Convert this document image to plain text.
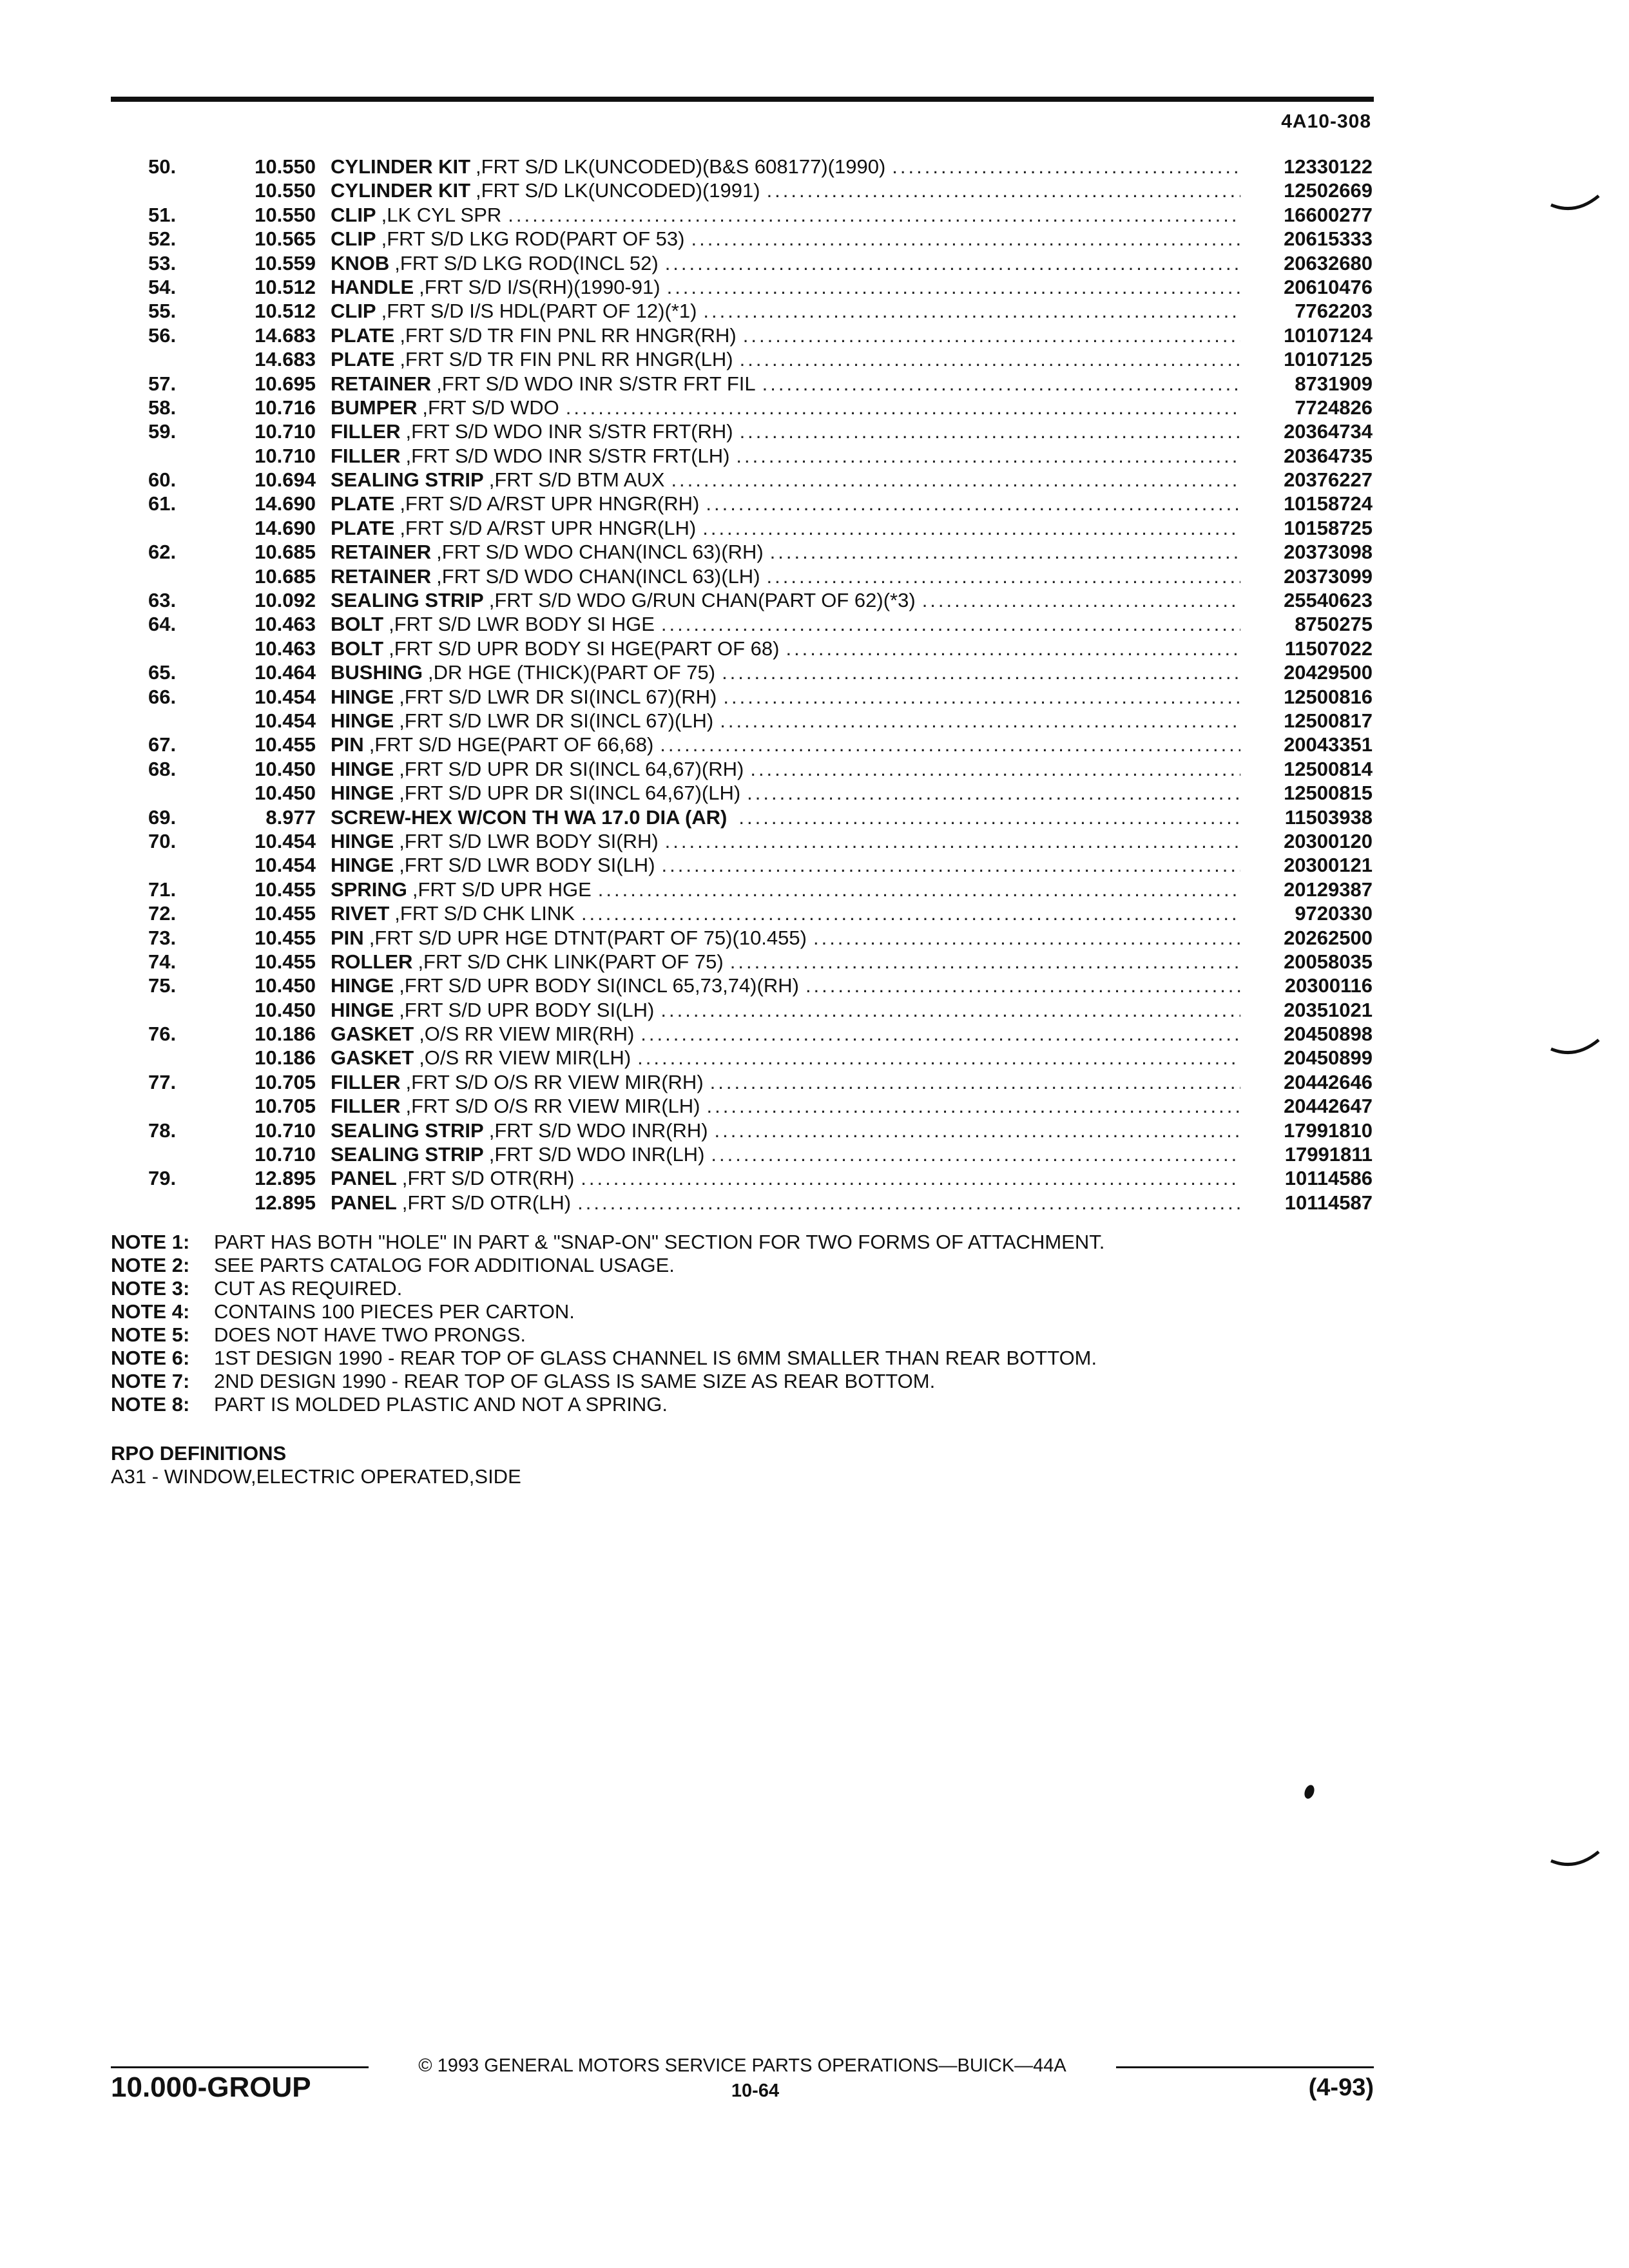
4A10-308
50.	10.550 CYLINDER KIT ,FRT S/D LK(UNCODED)(B&S 608177)(1990) .....	12330122
10.550 CYLINDER KIT ,FRT S/D LK(UNCODED)(1991) .....	12502669
51.	10.550 CLIP ,LK CYL SPR .....	16600277
52.	10.565 CLIP ,FRT S/D LKG ROD(PART OF 53) .....	20615333
53.	10.559 KNOB ,FRT S/D LKG ROD(INCL 52) .....	20632680
54.	10.512 HANDLE ,FRT S/D I/S(RH)(1990-91) .....	20610476
55.	10.512 CLIP ,FRT S/D I/S HDL(PART OF 12)(*1) .....	7762203
56.	14.683 PLATE ,FRT S/D TR FIN PNL RR HNGR(RH) .....	10107124
14.683 PLATE ,FRT S/D TR FIN PNL RR HNGR(LH) .....	10107125
57.	10.695 RETAINER ,FRT S/D WDO INR S/STR FRT FIL .....	8731909
58.	10.716 BUMPER ,FRT S/D WDO .....	7724826
59.	10.710 FILLER ,FRT S/D WDO INR S/STR FRT(RH) .....	20364734
10.710 FILLER ,FRT S/D WDO INR S/STR FRT(LH) .....	20364735
60.	10.694 SEALING STRIP ,FRT S/D BTM AUX .....	20376227
61.	14.690 PLATE ,FRT S/D A/RST UPR HNGR(RH) .....	10158724
14.690 PLATE ,FRT S/D A/RST UPR HNGR(LH) .....	10158725
62.	10.685 RETAINER ,FRT S/D WDO CHAN(INCL 63)(RH) .....	20373098
10.685 RETAINER ,FRT S/D WDO CHAN(INCL 63)(LH) .....	20373099
63.	10.092 SEALING STRIP ,FRT S/D WDO G/RUN CHAN(PART OF 62)(*3) .....	25540623
64.	10.463 BOLT ,FRT S/D LWR BODY SI HGE .....	8750275
10.463 BOLT ,FRT S/D UPR BODY SI HGE(PART OF 68) .....	11507022
65.	10.464 BUSHING ,DR HGE (THICK)(PART OF 75) .....	20429500
66.	10.454 HINGE ,FRT S/D LWR DR SI(INCL 67)(RH) .....	12500816
10.454 HINGE ,FRT S/D LWR DR SI(INCL 67)(LH) .....	12500817
67.	10.455 PIN ,FRT S/D HGE(PART OF 66,68) .....	20043351
68.	10.450 HINGE ,FRT S/D UPR DR SI(INCL 64,67)(RH) .....	12500814
10.450 HINGE ,FRT S/D UPR DR SI(INCL 64,67)(LH) .....	12500815
69.	8.977 SCREW-HEX W/CON TH WA 17.0 DIA (AR) .....	11503938
70.	10.454 HINGE ,FRT S/D LWR BODY SI(RH) .....	20300120
10.454 HINGE ,FRT S/D LWR BODY SI(LH) .....	20300121
71.	10.455 SPRING ,FRT S/D UPR HGE .....	20129387
72.	10.455 RIVET ,FRT S/D CHK LINK .....	9720330
73.	10.455 PIN ,FRT S/D UPR HGE DTNT(PART OF 75)(10.455) .....	20262500
74.	10.455 ROLLER ,FRT S/D CHK LINK(PART OF 75) .....	20058035
75.	10.450 HINGE ,FRT S/D UPR BODY SI(INCL 65,73,74)(RH) .....	20300116
10.450 HINGE ,FRT S/D UPR BODY SI(LH) .....	20351021
76.	10.186 GASKET ,O/S RR VIEW MIR(RH) .....	20450898
10.186 GASKET ,O/S RR VIEW MIR(LH) .....	20450899
77.	10.705 FILLER ,FRT S/D O/S RR VIEW MIR(RH) .....	20442646
10.705 FILLER ,FRT S/D O/S RR VIEW MIR(LH) .....	20442647
78.	10.710 SEALING STRIP ,FRT S/D WDO INR(RH) .....	17991810
10.710 SEALING STRIP ,FRT S/D WDO INR(LH) .....	17991811
79.	12.895 PANEL ,FRT S/D OTR(RH) .....	10114586
12.895 PANEL ,FRT S/D OTR(LH) .....	10114587
NOTE 1: PART HAS BOTH "HOLE" IN PART & "SNAP-ON" SECTION FOR TWO FORMS OF ATTACHMENT.
NOTE 2: SEE PARTS CATALOG FOR ADDITIONAL USAGE.
NOTE 3: CUT AS REQUIRED.
NOTE 4: CONTAINS 100 PIECES PER CARTON.
NOTE 5: DOES NOT HAVE TWO PRONGS.
NOTE 6: 1ST DESIGN 1990 - REAR TOP OF GLASS CHANNEL IS 6MM SMALLER THAN REAR BOTTOM.
NOTE 7: 2ND DESIGN 1990 - REAR TOP OF GLASS IS SAME SIZE AS REAR BOTTOM.
NOTE 8: PART IS MOLDED PLASTIC AND NOT A SPRING.
RPO DEFINITIONS
A31 - WINDOW,ELECTRIC OPERATED,SIDE
© 1993 GENERAL MOTORS SERVICE PARTS OPERATIONS—BUICK—44A
10.000-GROUP	10-64	(4-93)
